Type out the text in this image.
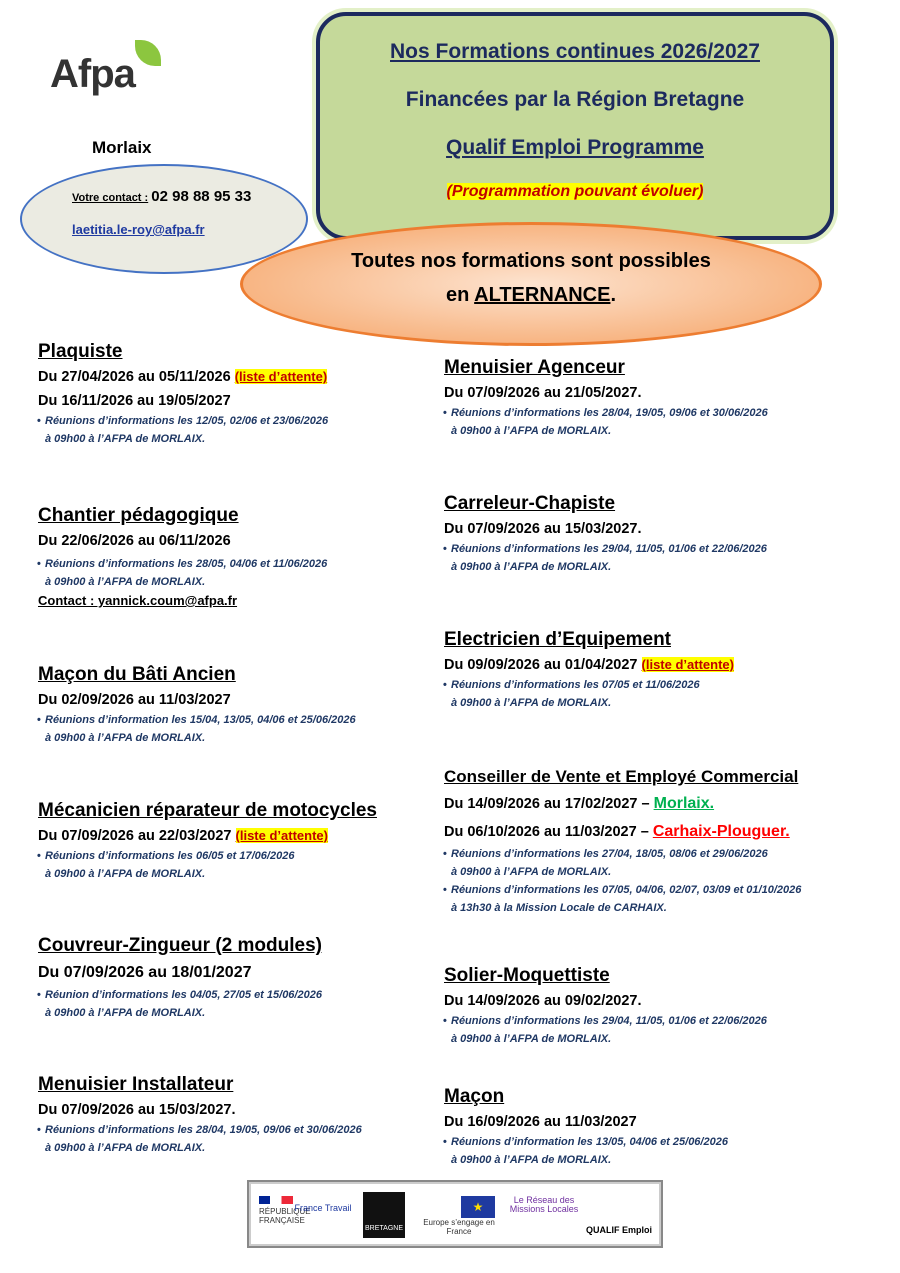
Afpa
Morlaix
Votre contact : 02 98 88 95 33
laetitia.le-roy@afpa.fr
Nos Formations continues 2026/2027
Financées par la Région Bretagne
Qualif Emploi Programme
(Programmation pouvant évoluer)
Toutes nos formations sont possibles
en ALTERNANCE.
Plaquiste
Du 27/04/2026 au 05/11/2026 (liste d’attente)
Du 16/11/2026 au 19/05/2027
• Réunions d’informations les 12/05, 02/06 et 23/06/2026
à 09h00 à l’AFPA de MORLAIX.
Chantier pédagogique
Du 22/06/2026 au 06/11/2026
• Réunions d’informations les 28/05, 04/06 et 11/06/2026
à 09h00 à l’AFPA de MORLAIX.
Contact : yannick.coum@afpa.fr
Maçon du Bâti Ancien
Du 02/09/2026 au 11/03/2027
• Réunions d’information les 15/04, 13/05, 04/06 et 25/06/2026
à 09h00 à l’AFPA de MORLAIX.
Mécanicien réparateur de motocycles
Du 07/09/2026 au 22/03/2027 (liste d’attente)
• Réunions d’informations les 06/05 et 17/06/2026
à 09h00 à l’AFPA de MORLAIX.
Couvreur-Zingueur (2 modules)
Du 07/09/2026 au 18/01/2027
• Réunion d’informations les 04/05, 27/05 et 15/06/2026
à 09h00 à l’AFPA de MORLAIX.
Menuisier Installateur
Du 07/09/2026 au 15/03/2027.
• Réunions d’informations les 28/04, 19/05, 09/06 et 30/06/2026
à 09h00 à l’AFPA de MORLAIX.
Menuisier Agenceur
Du 07/09/2026 au 21/05/2027.
• Réunions d’informations les 28/04, 19/05, 09/06 et 30/06/2026
à 09h00 à l’AFPA de MORLAIX.
Carreleur-Chapiste
Du 07/09/2026 au 15/03/2027.
• Réunions d’informations les 29/04, 11/05, 01/06 et 22/06/2026
à 09h00 à l’AFPA de MORLAIX.
Electricien d’Equipement
Du 09/09/2026 au 01/04/2027 (liste d’attente)
• Réunions d’informations les 07/05 et 11/06/2026
à 09h00 à l’AFPA de MORLAIX.
Conseiller de Vente et Employé Commercial
Du 14/09/2026 au 17/02/2027 – Morlaix.
Du 06/10/2026 au 11/03/2027 – Carhaix-Plouguer.
• Réunions d’informations les 27/04, 18/05, 08/06 et 29/06/2026
à 09h00 à l’AFPA de MORLAIX.
• Réunions d’informations les 07/05, 04/06, 02/07, 03/09 et 01/10/2026
à 13h30 à la Mission Locale de CARHAIX.
Solier-Moquettiste
Du 14/09/2026 au 09/02/2027.
• Réunions d’informations les 29/04, 11/05, 01/06 et 22/06/2026
à 09h00 à l’AFPA de MORLAIX.
Maçon
Du 16/09/2026 au 11/03/2027
• Réunions d’information les 13/05, 04/06 et 25/06/2026
à 09h00 à l’AFPA de MORLAIX.
RÉPUBLIQUE FRANÇAISE
France Travail
BRETAGNE
★
Europe s’engage en France
Le Réseau des Missions Locales
QUALIF Emploi
